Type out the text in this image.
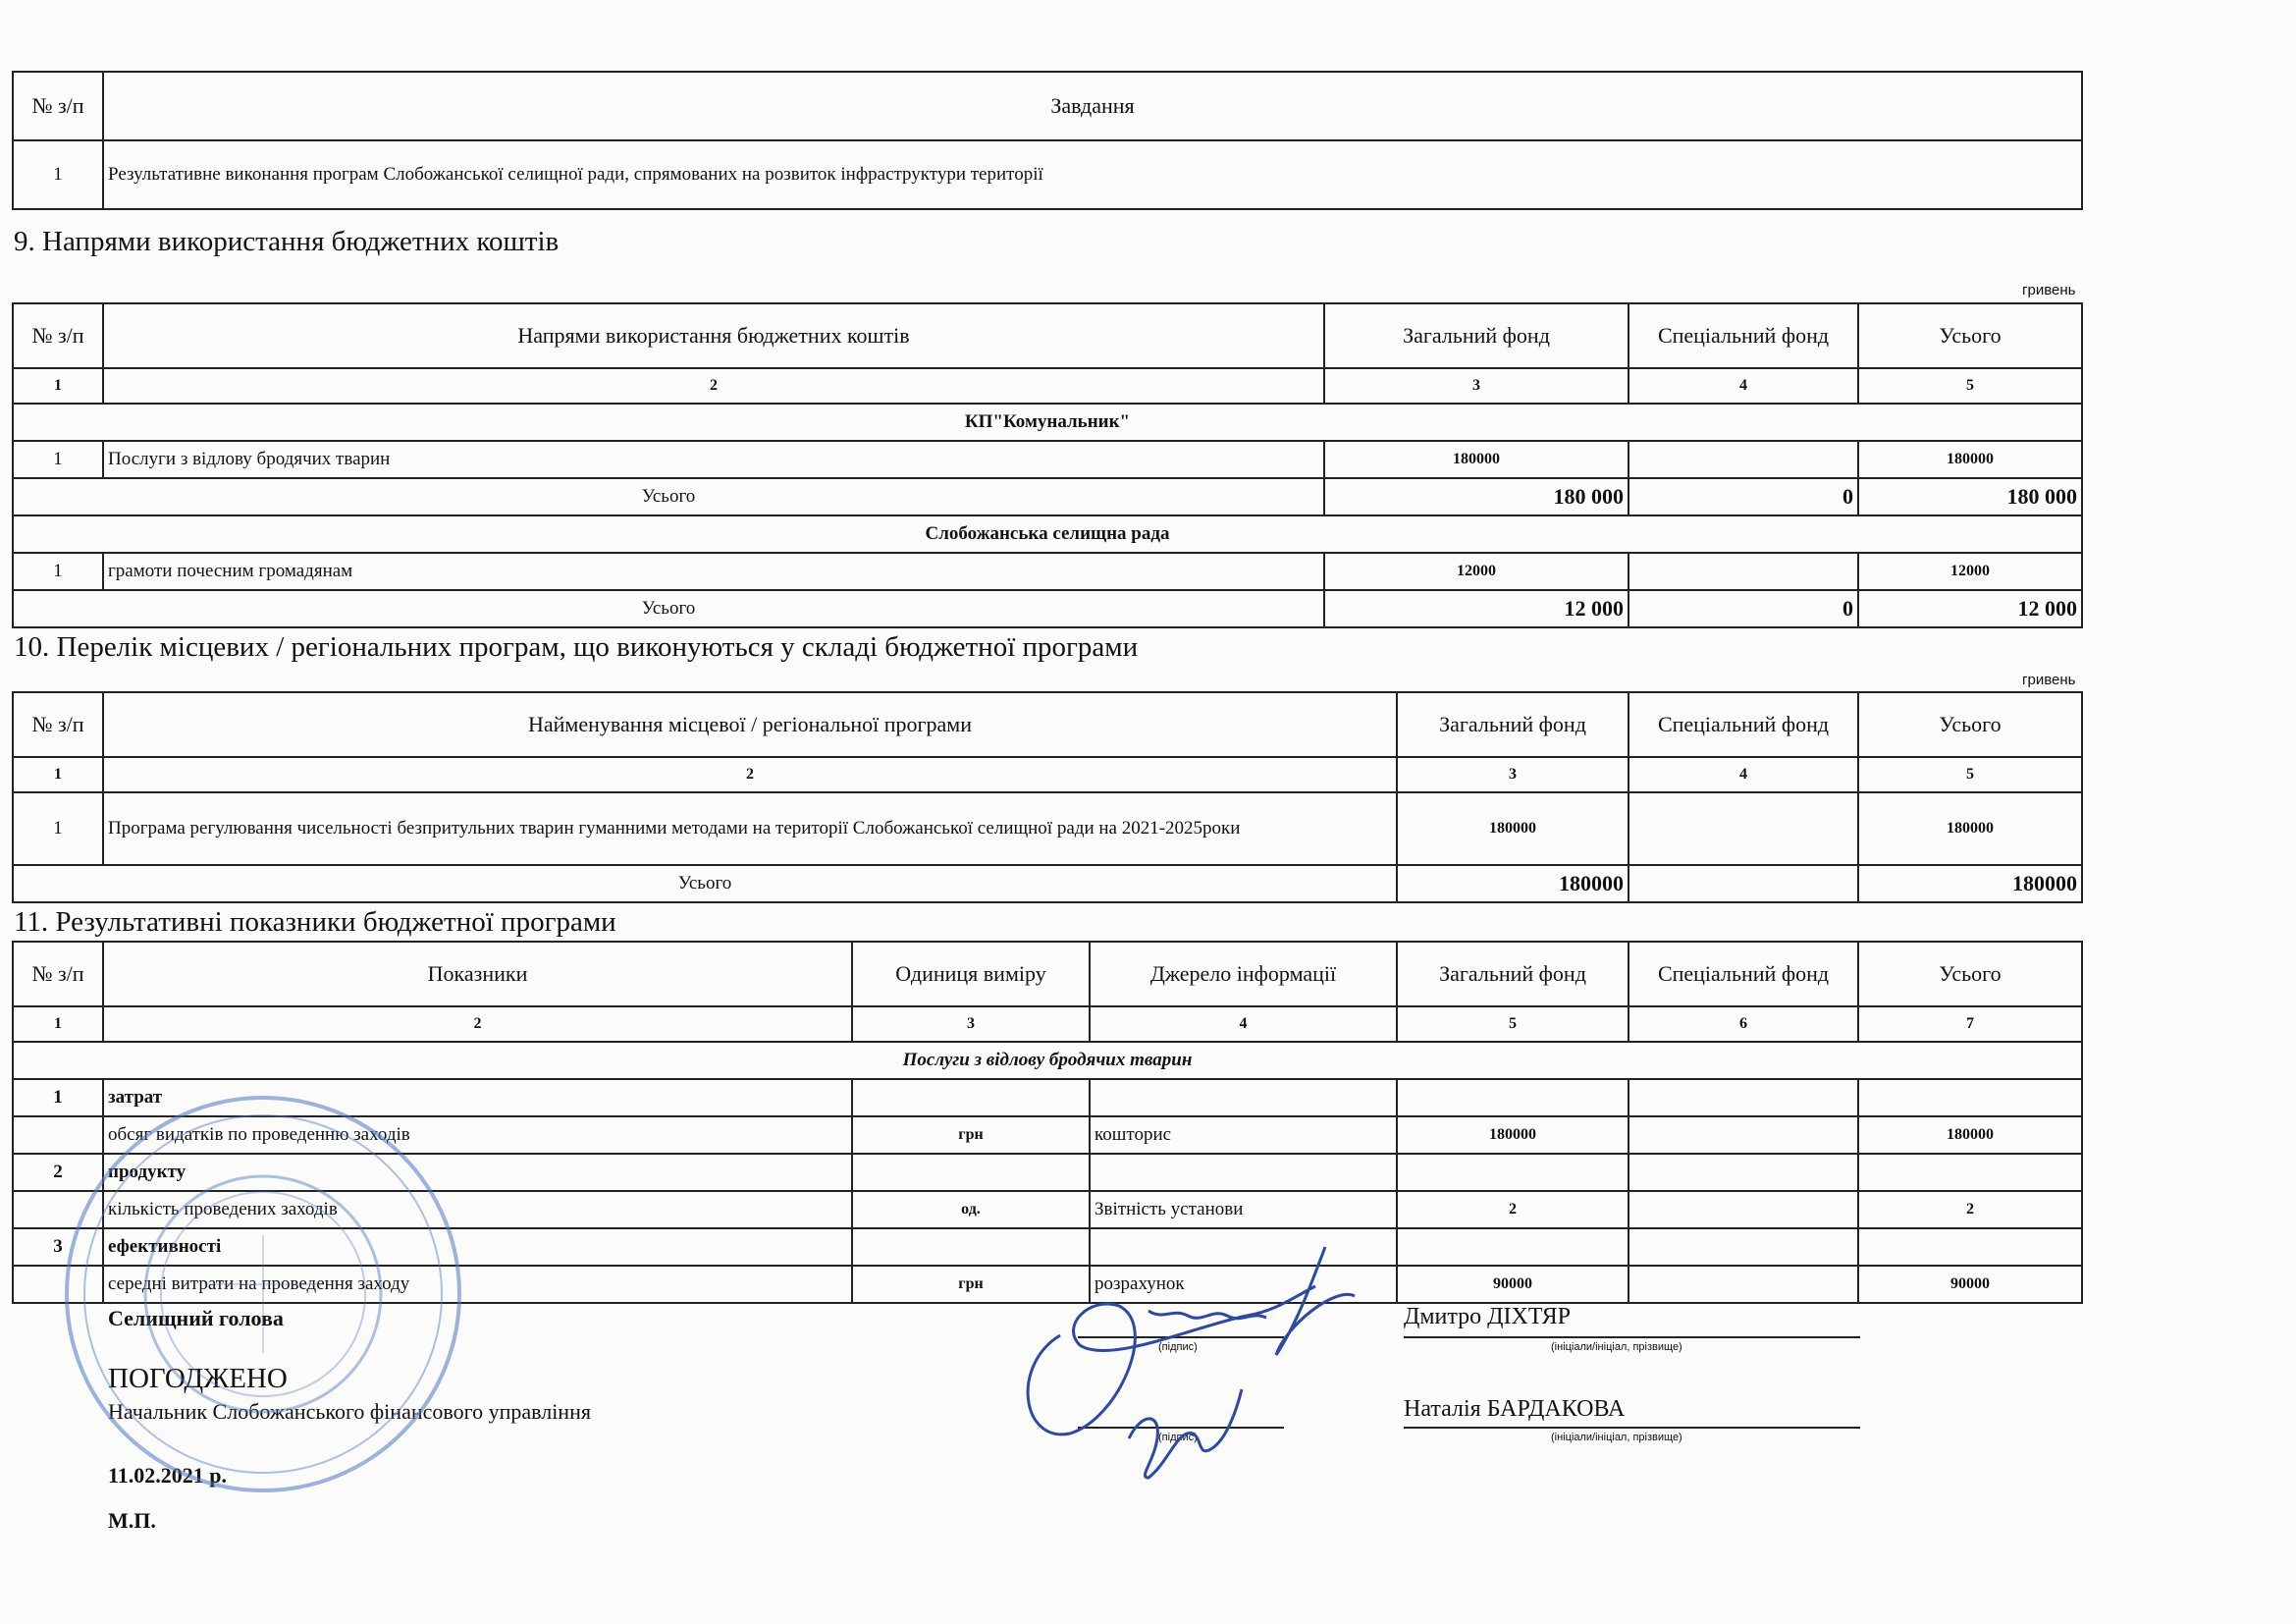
№ з/п	Завдання
1	Результативне виконання програм Слобожанської селищної ради, спрямованих на розвиток інфраструктури території
9. Напрями використання бюджетних коштів
гривень
№ з/п	Напрями використання бюджетних коштів	Загальний фонд	Спеціальний фонд	Усього
1	2	3	4	5
КП"Комунальник"				
1	Послуги з відлову бродячих тварин	180000		180000
Усього		180 000	0	180 000
Слобожанська селищна рада				
1	грамоти почесним громадянам	12000		12000
Усього		12 000	0	12 000
10. Перелік місцевих / регіональних програм, що виконуються у складі бюджетної програми
гривень
№ з/п	Найменування місцевої / регіональної програми	Загальний фонд	Спеціальний фонд	Усього
1	2	3	4	5
1	Програма регулювання чисельності безпритульних тварин гуманними методами на території Слобожанської селищної ради на 2021-2025роки	180000		180000
Усього		180000		180000
11. Результативні показники бюджетної програми
№ з/п	Показники	Одиниця виміру	Джерело інформації	Загальний фонд	Спеціальний фонд	Усього
1	2	3	4	5	6	7
Послуги з відлову бродячих тварин						
1	затрат					
	обсяг видатків по проведенню заходів	грн	кошторис	180000		180000
2	продукту					
	кількість проведених заходів	од.	Звітність установи	2		2
3	ефективності					
	середні витрати на проведення заходу	грн	розрахунок	90000		90000
Селищний голова
(підпис)
Дмитро ДІХТЯР
(ініціали/ініціал, прізвище)
ПОГОДЖЕНО
Начальник Слобожанського фінансового управління
(підпис)
Наталія БАРДАКОВА
(ініціали/ініціал, прізвище)
11.02.2021 р.
М.П.
